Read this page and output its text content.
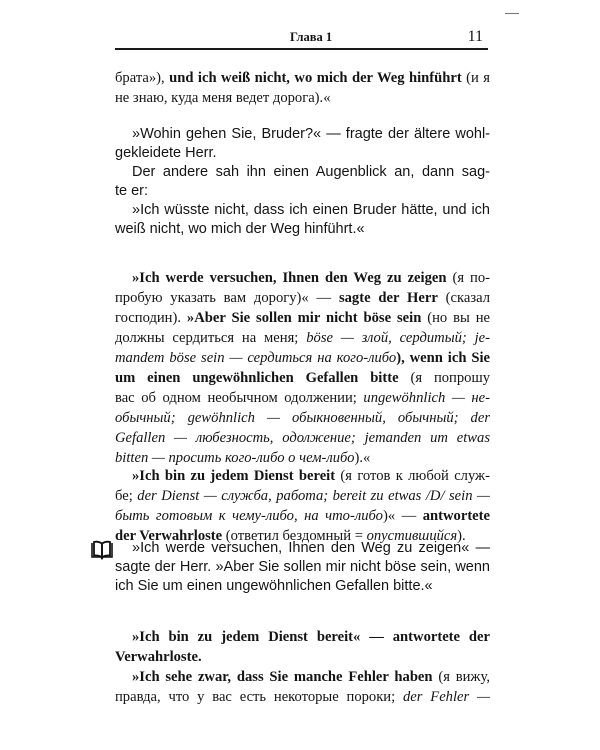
Глава 1	11
брата»), und ich weiß nicht, wo mich der Weg hinführt (и я
не знаю, куда меня ведет дорога).«
»Wohin gehen Sie, Bruder?« — fragte der ältere wohl-
gekleidete Herr.
Der andere sah ihn einen Augenblick an, dann sag-
te er:
»Ich wüsste nicht, dass ich einen Bruder hätte, und ich
weiß nicht, wo mich der Weg hinführt.«
»Ich werde versuchen, Ihnen den Weg zu zeigen (я по-
пробую указать вам дорогу)« — sagte der Herr (сказал
господин). »Aber Sie sollen mir nicht böse sein (но вы не
должны сердиться на меня; böse — злой, сердитый; je-
mandem böse sein — сердиться на кого-либо), wenn ich Sie
um einen ungewöhnlichen Gefallen bitte (я попрошу
вас об одном необычном одолжении; ungewöhnlich — не-
обычный; gewöhnlich — обыкновенный, обычный; der
Gefallen — любезность, одолжение; jemanden um etwas
bitten — просить кого-либо о чем-либо).«
»Ich bin zu jedem Dienst bereit (я готов к любой служ-
бе; der Dienst — служба, работа; bereit zu etwas /D/ sein —
быть готовым к чему-либо, на что-либо)« — antwortete
der Verwahrloste (ответил бездомный = опустившийся).
»Ich werde versuchen, Ihnen den Weg zu zeigen« —
sagte der Herr. »Aber Sie sollen mir nicht böse sein, wenn
ich Sie um einen ungewöhnlichen Gefallen bitte.«
»Ich bin zu jedem Dienst bereit« — antwortete der
Verwahrloste.
»Ich sehe zwar, dass Sie manche Fehler haben (я вижу,
правда, что у вас есть некоторые пороки; der Fehler —
